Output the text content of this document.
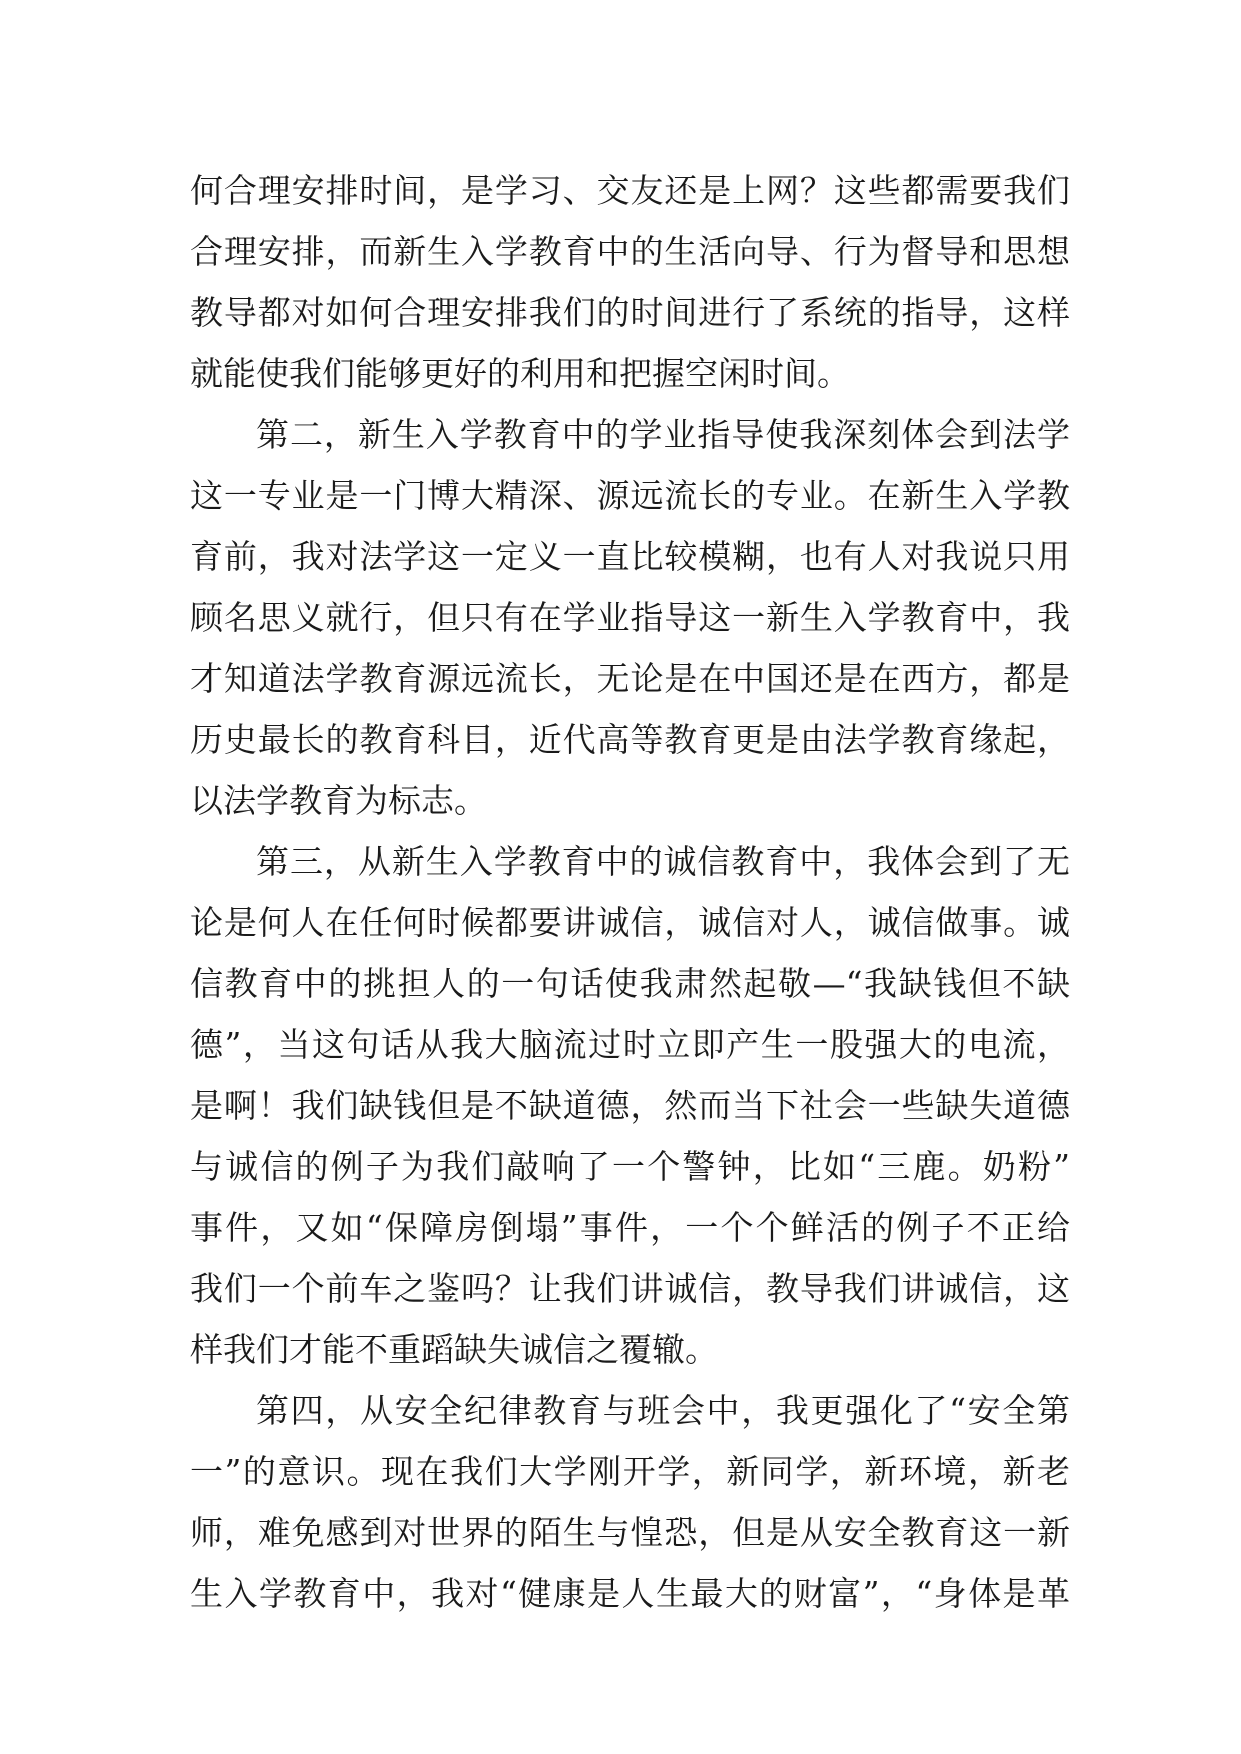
何合理安排时间，是学习、交友还是上网？这些都需要我们
合理安排，而新生入学教育中的生活向导、行为督导和思想
教导都对如何合理安排我们的时间进行了系统的指导，这样
就能使我们能够更好的利用和把握空闲时间。
第二，新生入学教育中的学业指导使我深刻体会到法学
这一专业是一门博大精深、源远流长的专业。在新生入学教
育前，我对法学这一定义一直比较模糊，也有人对我说只用
顾名思义就行，但只有在学业指导这一新生入学教育中，我
才知道法学教育源远流长，无论是在中国还是在西方，都是
历史最长的教育科目，近代高等教育更是由法学教育缘起，
以法学教育为标志。
第三，从新生入学教育中的诚信教育中，我体会到了无
论是何人在任何时候都要讲诚信，诚信对人，诚信做事。诚
信教育中的挑担人的一句话使我肃然起敬—“我缺钱但不缺
德”，当这句话从我大脑流过时立即产生一股强大的电流，
是啊！我们缺钱但是不缺道德，然而当下社会一些缺失道德
与诚信的例子为我们敲响了一个警钟，比如“三鹿。奶粉”
事件，又如“保障房倒塌”事件，一个个鲜活的例子不正给
我们一个前车之鉴吗？让我们讲诚信，教导我们讲诚信，这
样我们才能不重蹈缺失诚信之覆辙。
第四，从安全纪律教育与班会中，我更强化了“安全第
一”的意识。现在我们大学刚开学，新同学，新环境，新老
师，难免感到对世界的陌生与惶恐，但是从安全教育这一新
生入学教育中，我对“健康是人生最大的财富”，“身体是革
